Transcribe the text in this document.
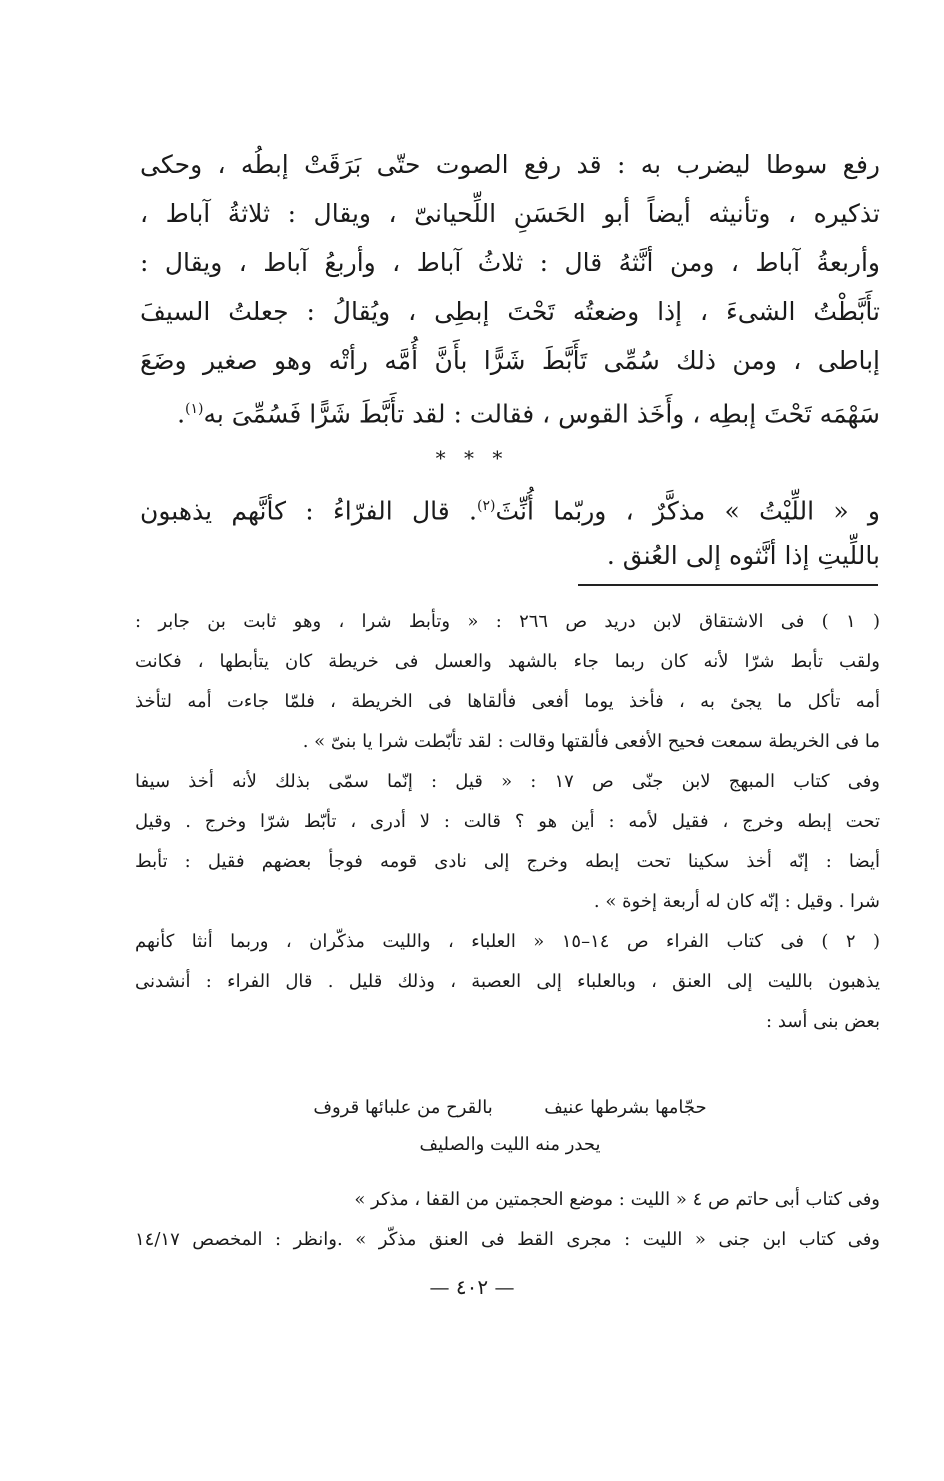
رفع سوطا ليضرب به : قد رفع الصوت حتّى بَرَقَتْ إبطُه ، وحكى
تذكيره ، وتأنيثه أيضاً أبو الحَسَنِ اللِّحيانىّ ، ويقال : ثلاثةُ آباط ،
وأربعةُ آباط ، ومن أنَّثهُ قال : ثلاثُ آباط ، وأربعُ آباط ، ويقال :
تأَبَّطْتُ الشىءَ ، إذا وضعتُه تَحْتَ إبطِى ، ويُقالُ : جعلتُ السيفَ
إباطى ، ومن ذلك سُمِّى تَأَبَّطَ شَرًّا بأَنَّ أُمَّه رأتْه وهو صغير وضَعَ
سَهْمَه تَحْتَ إبطِه ، وأَخَذ القوس ، فقالت : لقد تأَبَّطَ شَرًّا فَسُمِّىَ به$^{(١)}$.
* * *
و « اللِّيْتُ » مذكَّرٌ ، وربّما أُنِّثَ$^{(٢)}$. قال الفرّاءُ : كأنَّهم يذهبون
باللِّيتِ إذا أنَّثوه إلى العُنق .
( ١ ) فى الاشتقاق لابن دريد ص ٢٦٦ : « وتأبط شرا ، وهو ثابت بن جابر :
ولقب تأبط شرّا لأنه كان ربما جاء بالشهد والعسل فى خريطة كان يتأبطها ، فكانت
أمه تأكل ما يجئ به ، فأخذ يوما أفعى فألقاها فى الخريطة ، فلمّا جاءت أمه لتأخذ
ما فى الخريطة سمعت فحيح الأفعى فألقتها وقالت : لقد تأبّطت شرا يا بنىّ » .
وفى كتاب المبهج لابن جنّى ص ١٧ : « قيل : إنّما سمّى بذلك لأنه أخذ سيفا
تحت إبطه وخرج ، فقيل لأمه : أين هو ؟ قالت : لا أدرى ، تأبّط شرّا وخرج . وقيل
أيضا : إنّه أخذ سكينا تحت إبطه وخرج إلى نادى قومه فوجأ بعضهم فقيل : تأبط
شرا . وقيل : إنّه كان له أربعة إخوة » .
( ٢ ) فى كتاب الفراء ص ١٤–١٥ « العلباء ، والليت مذكّران ، وربما أنثا كأنهم
يذهبون بالليت إلى العنق ، وبالعلباء إلى العصبة ، وذلك قليل . قال الفراء : أنشدنى
بعض بنى أسد :
حجّامها بشرطها عنيف  بالقرح من علبائها قروف
يحدر منه الليت والصليف
وفى كتاب أبى حاتم ص ٤ « الليت : موضع الحجمتين من القفا ، مذكر »
وفى كتاب ابن جنى « الليت : مجرى القط فى العنق مذكّر » .وانظر : المخصص ١٤/١٧
— ٤٠٢ —
